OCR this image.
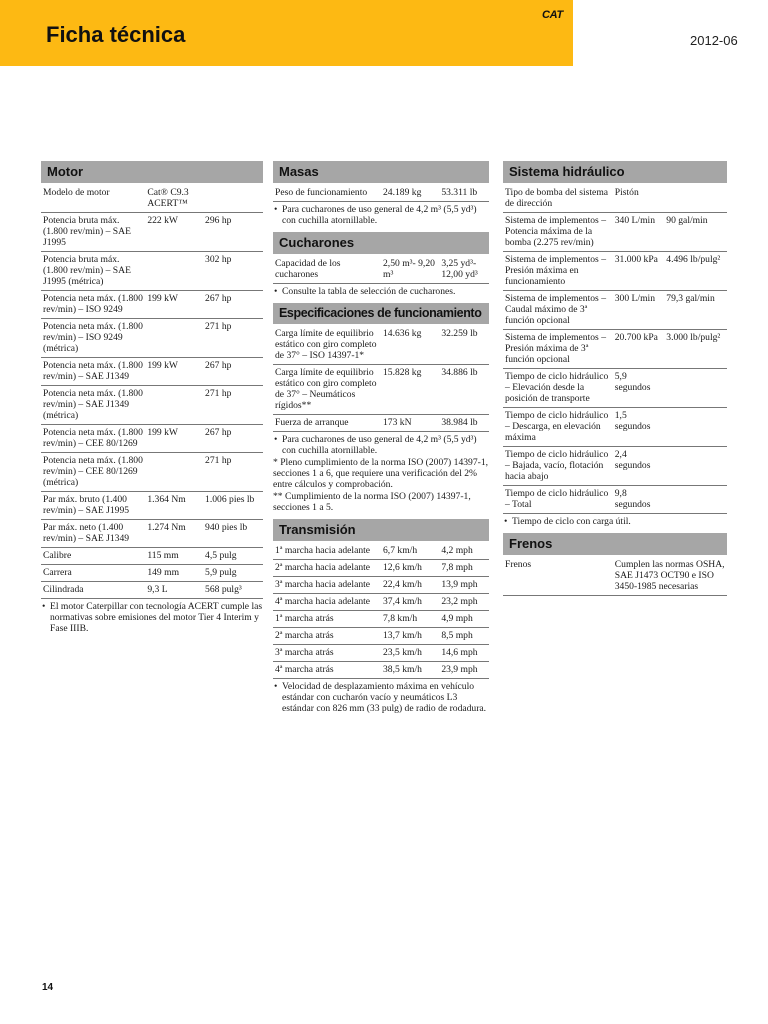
Ficha técnica
CAT
2012-06
Motor
Modelo de motor	Cat® C9.3 ACERT™	
Potencia bruta máx. (1.800 rev/min) – SAE J1995	222 kW	296 hp
Potencia bruta máx. (1.800 rev/min) – SAE J1995 (métrica)		302 hp
Potencia neta máx. (1.800 rev/min) – ISO 9249	199 kW	267 hp
Potencia neta máx. (1.800 rev/min) – ISO 9249 (métrica)		271 hp
Potencia neta máx. (1.800 rev/min) – SAE J1349	199 kW	267 hp
Potencia neta máx. (1.800 rev/min) – SAE J1349 (métrica)		271 hp
Potencia neta máx. (1.800 rev/min) – CEE 80/1269	199 kW	267 hp
Potencia neta máx. (1.800 rev/min) – CEE 80/1269 (métrica)		271 hp
Par máx. bruto (1.400 rev/min) – SAE J1995	1.364 Nm	1.006 pies lb
Par máx. neto (1.400 rev/min) – SAE J1349	1.274 Nm	940 pies lb
Calibre	115 mm	4,5 pulg
Carrera	149 mm	5,9 pulg
Cilindrada	9,3 L	568 pulg³
• El motor Caterpillar con tecnología ACERT cumple las normativas sobre emisiones del motor Tier 4 Interim y Fase IIIB.
Masas
Peso de funcionamiento	24.189 kg	53.311 lb
• Para cucharones de uso general de 4,2 m³ (5,5 yd³) con cuchilla atornillable.
Cucharones
Capacidad de los cucharones	2,50 m³- 9,20 m³	3,25 yd³- 12,00 yd³
• Consulte la tabla de selección de cucharones.
Especificaciones de funcionamiento
Carga límite de equilibrio estático con giro completo de 37° – ISO 14397-1*	14.636 kg	32.259 lb
Carga límite de equilibrio estático con giro completo de 37° – Neumáticos rígidos**	15.828 kg	34.886 lb
Fuerza de arranque	173 kN	38.984 lb
• Para cucharones de uso general de 4,2 m³ (5,5 yd³) con cuchilla atornillable.
* Pleno cumplimiento de la norma ISO (2007) 14397-1, secciones 1 a 6, que requiere una verificación del 2% entre cálculos y comprobación.
** Cumplimiento de la norma ISO (2007) 14397-1, secciones 1 a 5.
Transmisión
1ª marcha hacia adelante	6,7 km/h	4,2 mph
2ª marcha hacia adelante	12,6 km/h	7,8 mph
3ª marcha hacia adelante	22,4 km/h	13,9 mph
4ª marcha hacia adelante	37,4 km/h	23,2 mph
1ª marcha atrás	7,8 km/h	4,9 mph
2ª marcha atrás	13,7 km/h	8,5 mph
3ª marcha atrás	23,5 km/h	14,6 mph
4ª marcha atrás	38,5 km/h	23,9 mph
• Velocidad de desplazamiento máxima en vehículo estándar con cucharón vacío y neumáticos L3 estándar con 826 mm (33 pulg) de radio de rodadura.
Sistema hidráulico
Tipo de bomba del sistema de dirección	Pistón	
Sistema de implementos – Potencia máxima de la bomba (2.275 rev/min)	340 L/min	90 gal/min
Sistema de implementos – Presión máxima en funcionamiento	31.000 kPa	4.496 lb/pulg²
Sistema de implementos – Caudal máximo de 3ª función opcional	300 L/min	79,3 gal/min
Sistema de implementos – Presión máxima de 3ª función opcional	20.700 kPa	3.000 lb/pulg²
Tiempo de ciclo hidráulico – Elevación desde la posición de transporte	5,9 segundos	
Tiempo de ciclo hidráulico – Descarga, en elevación máxima	1,5 segundos	
Tiempo de ciclo hidráulico – Bajada, vacío, flotación hacia abajo	2,4 segundos	
Tiempo de ciclo hidráulico – Total	9,8 segundos	
• Tiempo de ciclo con carga útil.
Frenos
Frenos	Cumplen las normas OSHA, SAE J1473 OCT90 e ISO 3450-1985 necesarias
14
